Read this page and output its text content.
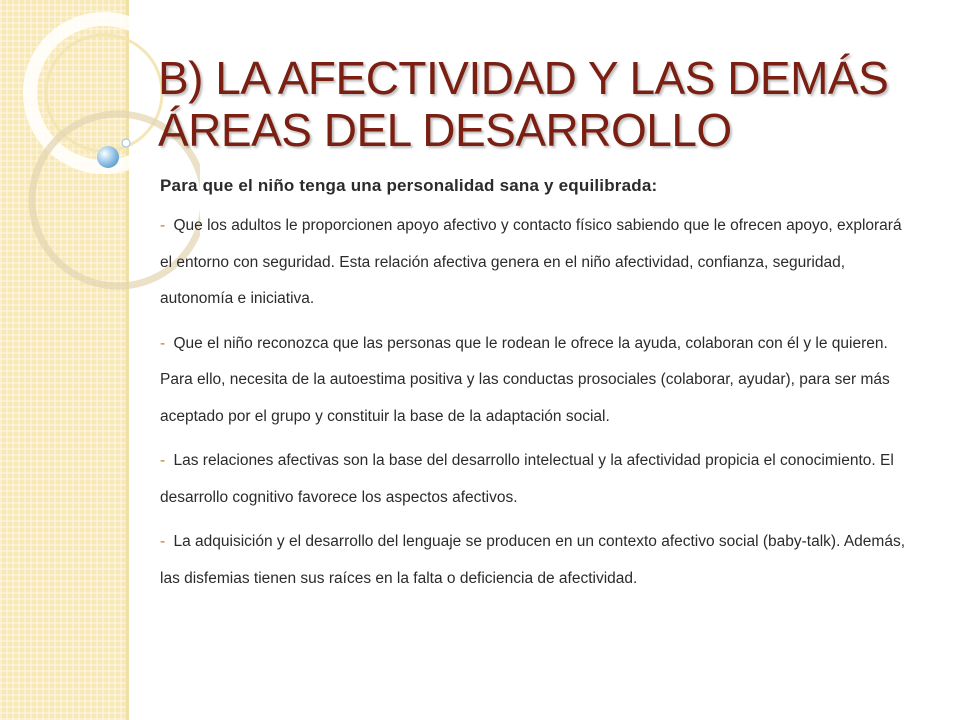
B) LA AFECTIVIDAD Y LAS DEMÁS
ÁREAS DEL DESARROLLO
Para que el niño tenga una personalidad sana y equilibrada:
- Que los adultos le proporcionen apoyo afectivo y contacto físico sabiendo que le ofrecen apoyo, explorará el entorno con seguridad. Esta relación afectiva genera en el niño afectividad, confianza, seguridad, autonomía e iniciativa.
- Que el niño reconozca que las personas que le rodean le ofrece la ayuda, colaboran con él y le quieren. Para ello, necesita de la autoestima positiva y las conductas prosociales (colaborar, ayudar), para ser más aceptado por el grupo y constituir la base de la adaptación social.
- Las relaciones afectivas son la base del desarrollo intelectual y la afectividad propicia el conocimiento. El desarrollo cognitivo favorece los aspectos afectivos.
- La adquisición y el desarrollo del lenguaje se producen en un contexto afectivo social (baby-talk). Además, las disfemias tienen sus raíces en la falta o deficiencia de afectividad.
